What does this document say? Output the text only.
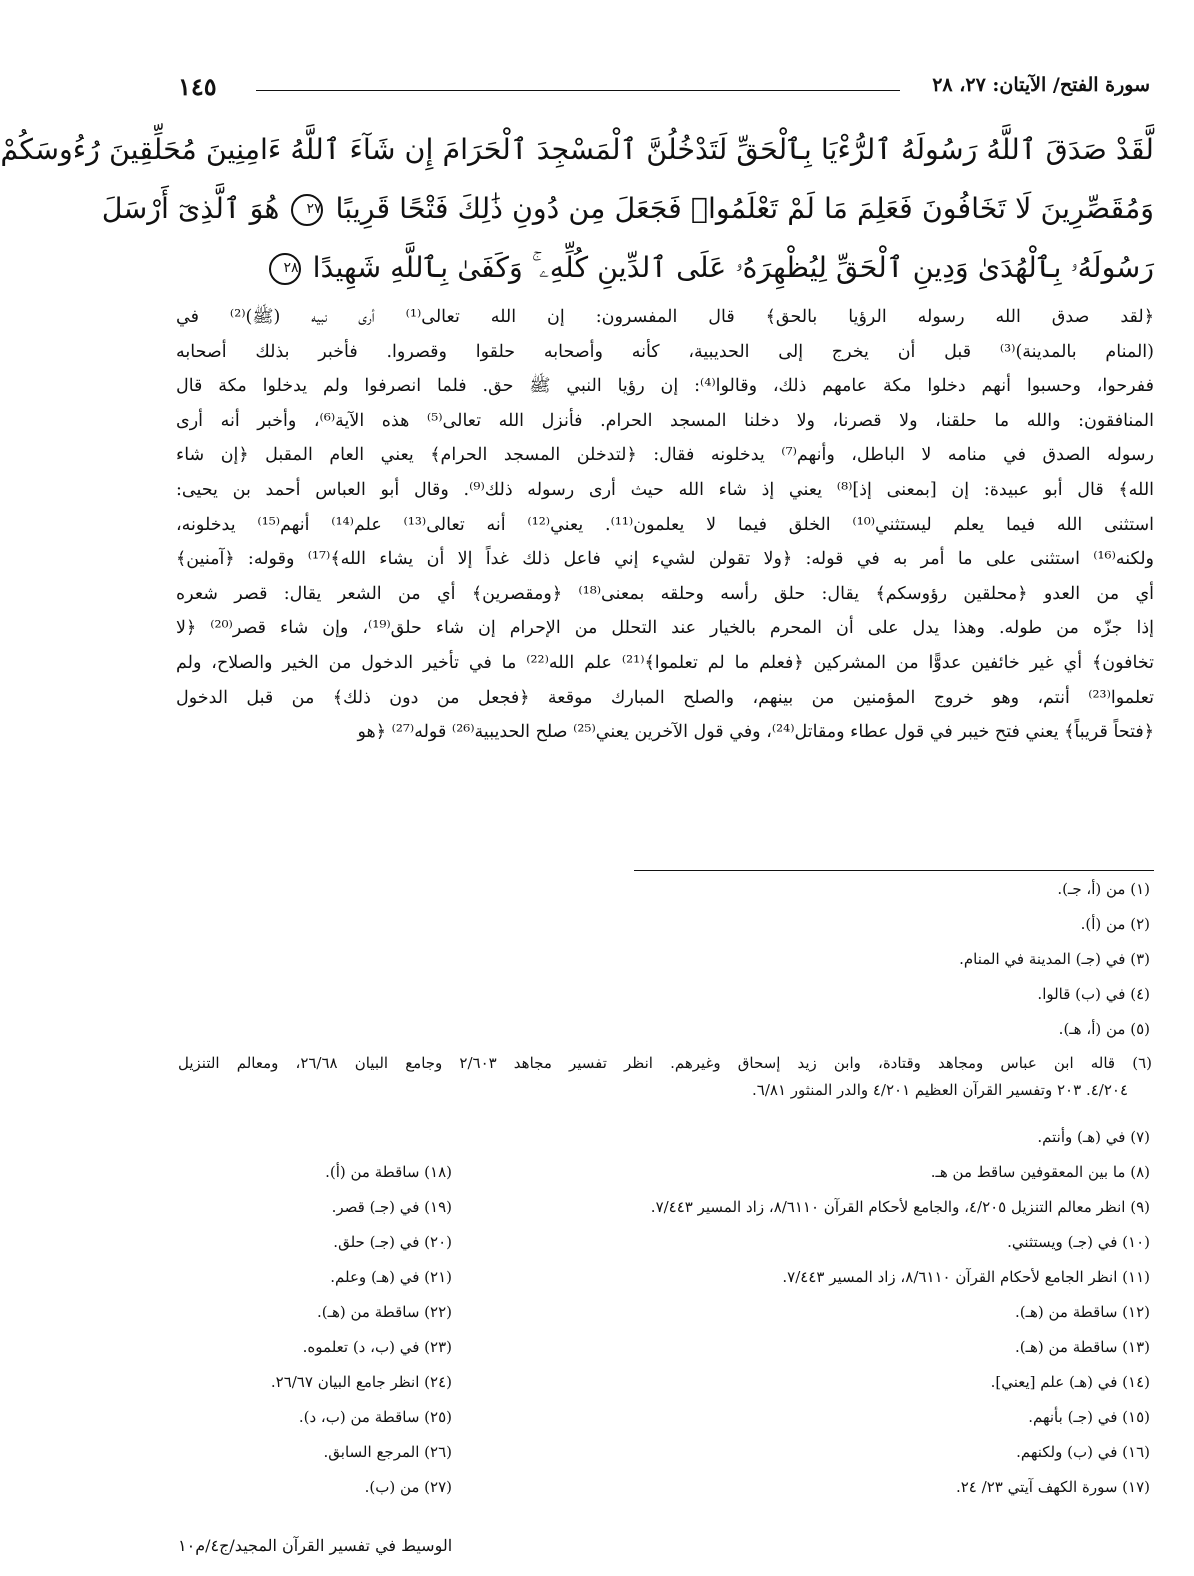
سورة الفتح/ الآيتان: ٢٧، ٢٨
١٤٥
لَّقَدْ صَدَقَ ٱللَّهُ رَسُولَهُ ٱلرُّءْيَا بِٱلْحَقِّ لَتَدْخُلُنَّ ٱلْمَسْجِدَ ٱلْحَرَامَ إِن شَآءَ ٱللَّهُ ءَامِنِينَ مُحَلِّقِينَ رُءُوسَكُمْ
وَمُقَصِّرِينَ لَا تَخَافُونَ فَعَلِمَ مَا لَمْ تَعْلَمُوا۟ فَجَعَلَ مِن دُونِ ذَٰلِكَ فَتْحًا قَرِيبًا ٢٧ هُوَ ٱلَّذِىٓ أَرْسَلَ
رَسُولَهُۥ بِٱلْهُدَىٰ وَدِينِ ٱلْحَقِّ لِيُظْهِرَهُۥ عَلَى ٱلدِّينِ كُلِّهِۦ ۚ وَكَفَىٰ بِٱللَّهِ شَهِيدًا ٢٨
﴿لقد صدق الله رسوله الرؤيا بالحق﴾ قال المفسرون: إن الله تعالى⁽¹⁾ أرى نبيه (ﷺ)⁽²⁾ في
(المنام بالمدينة)⁽³⁾ قبل أن يخرج إلى الحديبية، كأنه وأصحابه حلقوا وقصروا. فأخبر بذلك أصحابه
ففرحوا، وحسبوا أنهم دخلوا مكة عامهم ذلك، وقالوا⁽⁴⁾: إن رؤيا النبي ﷺ حق. فلما انصرفوا ولم يدخلوا مكة قال
المنافقون: والله ما حلقنا، ولا قصرنا، ولا دخلنا المسجد الحرام. فأنزل الله تعالى⁽⁵⁾ هذه الآية⁽⁶⁾، وأخبر أنه أرى
رسوله الصدق في منامه لا الباطل، وأنهم⁽⁷⁾ يدخلونه فقال: ﴿لتدخلن المسجد الحرام﴾ يعني العام المقبل ﴿إن شاء
الله﴾ قال أبو عبيدة: إن [بمعنى إذ]⁽⁸⁾ يعني إذ شاء الله حيث أرى رسوله ذلك⁽⁹⁾. وقال أبو العباس أحمد بن يحيى:
استثنى الله فيما يعلم ليستثني⁽¹⁰⁾ الخلق فيما لا يعلمون⁽¹¹⁾. يعني⁽¹²⁾ أنه تعالى⁽¹³⁾ علم⁽¹⁴⁾ أنهم⁽¹⁵⁾ يدخلونه،
ولكنه⁽¹⁶⁾ استثنى على ما أمر به في قوله: ﴿ولا تقولن لشيء إني فاعل ذلك غداً إلا أن يشاء الله﴾⁽¹⁷⁾ وقوله: ﴿آمنين﴾
أي من العدو ﴿محلقين رؤوسكم﴾ يقال: حلق رأسه وحلقه بمعنى⁽¹⁸⁾ ﴿ومقصرين﴾ أي من الشعر يقال: قصر شعره
إذا جزّه من طوله. وهذا يدل على أن المحرم بالخيار عند التحلل من الإحرام إن شاء حلق⁽¹⁹⁾، وإن شاء قصر⁽²⁰⁾ ﴿لا
تخافون﴾ أي غير خائفين عدوًّا من المشركين ﴿فعلم ما لم تعلموا﴾⁽²¹⁾ علم الله⁽²²⁾ ما في تأخير الدخول من الخير والصلاح، ولم
تعلموا⁽²³⁾ أنتم، وهو خروج المؤمنين من بينهم، والصلح المبارك موقعة ﴿فجعل من دون ذلك﴾ من قبل الدخول
﴿فتحاً قريباً﴾ يعني فتح خيبر في قول عطاء ومقاتل⁽²⁴⁾، وفي قول الآخرين يعني⁽²⁵⁾ صلح الحديبية⁽²⁶⁾ قوله⁽²⁷⁾ ﴿هو
(١) من (أ، جـ).
(٢) من (أ).
(٣) في (جـ) المدينة في المنام.
(٤) في (ب) قالوا.
(٥) من (أ، هـ).
(٦) قاله ابن عباس ومجاهد وقتادة، وابن زيد إسحاق وغيرهم. انظر تفسير مجاهد ٢/٦٠٣ وجامع البيان ٢٦/٦٨، ومعالم التنزيل
٤/٢٠٤. ٢٠٣ وتفسير القرآن العظيم ٤/٢٠١ والدر المنثور ٦/٨١.
(٧) في (هـ) وأنتم.
(٨) ما بين المعقوفين ساقط من هـ.
(٩) انظر معالم التنزيل ٤/٢٠٥، والجامع لأحكام القرآن ٨/٦١١٠، زاد المسير ٧/٤٤٣.
(١٠) في (جـ) ويستثني.
(١١) انظر الجامع لأحكام القرآن ٨/٦١١٠، زاد المسير ٧/٤٤٣.
(١٢) ساقطة من (هـ).
(١٣) ساقطة من (هـ).
(١٤) في (هـ) علم [يعني].
(١٥) في (جـ) بأنهم.
(١٦) في (ب) ولكنهم.
(١٧) سورة الكهف آيتي ٢٣/ ٢٤.
(١٨) ساقطة من (أ).
(١٩) في (جـ) قصر.
(٢٠) في (جـ) حلق.
(٢١) في (هـ) وعلم.
(٢٢) ساقطة من (هـ).
(٢٣) في (ب، د) تعلموه.
(٢٤) انظر جامع البيان ٢٦/٦٧.
(٢٥) ساقطة من (ب، د).
(٢٦) المرجع السابق.
(٢٧) من (ب).
الوسيط في تفسير القرآن المجيد/ج٤/م١٠
